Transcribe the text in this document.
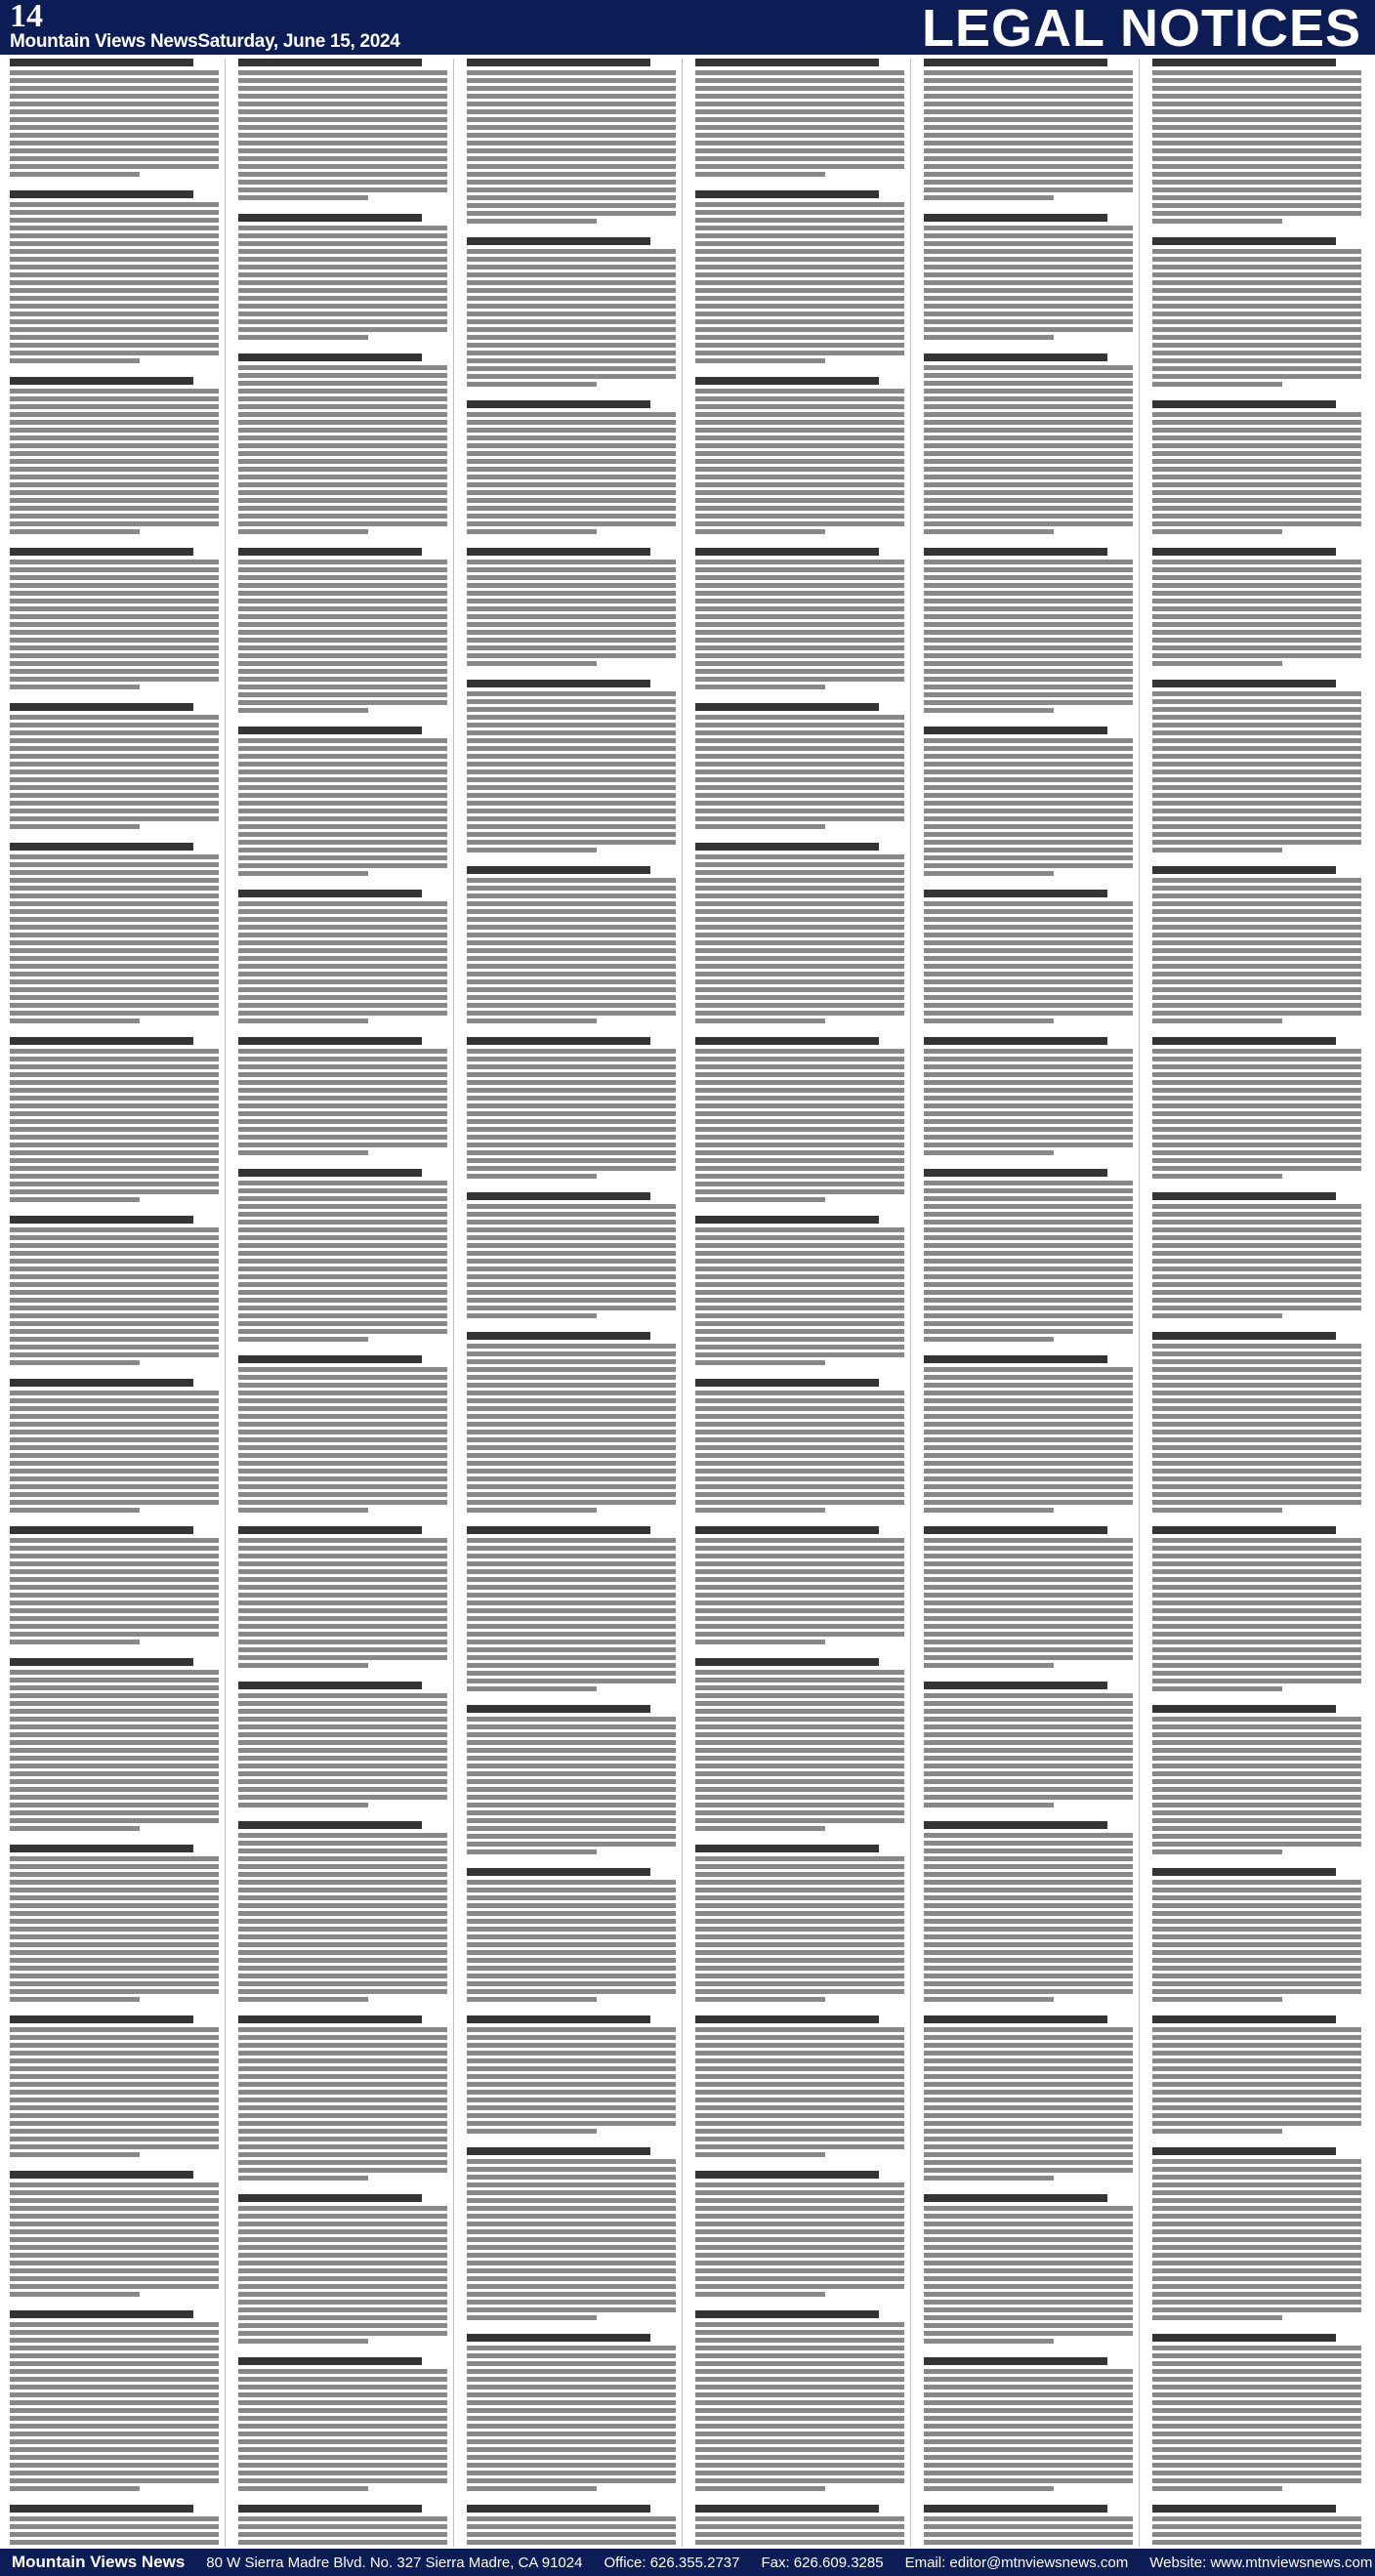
14
Mountain Views NewsSaturday, June 15, 2024	LEGAL NOTICES
Mountain Views News 80 W Sierra Madre Blvd. No. 327 Sierra Madre, CA 91024 Office: 626.355.2737 Fax: 626.609.3285 Email: editor@mtnviewsnews.com Website: www.mtnviewsnews.com
